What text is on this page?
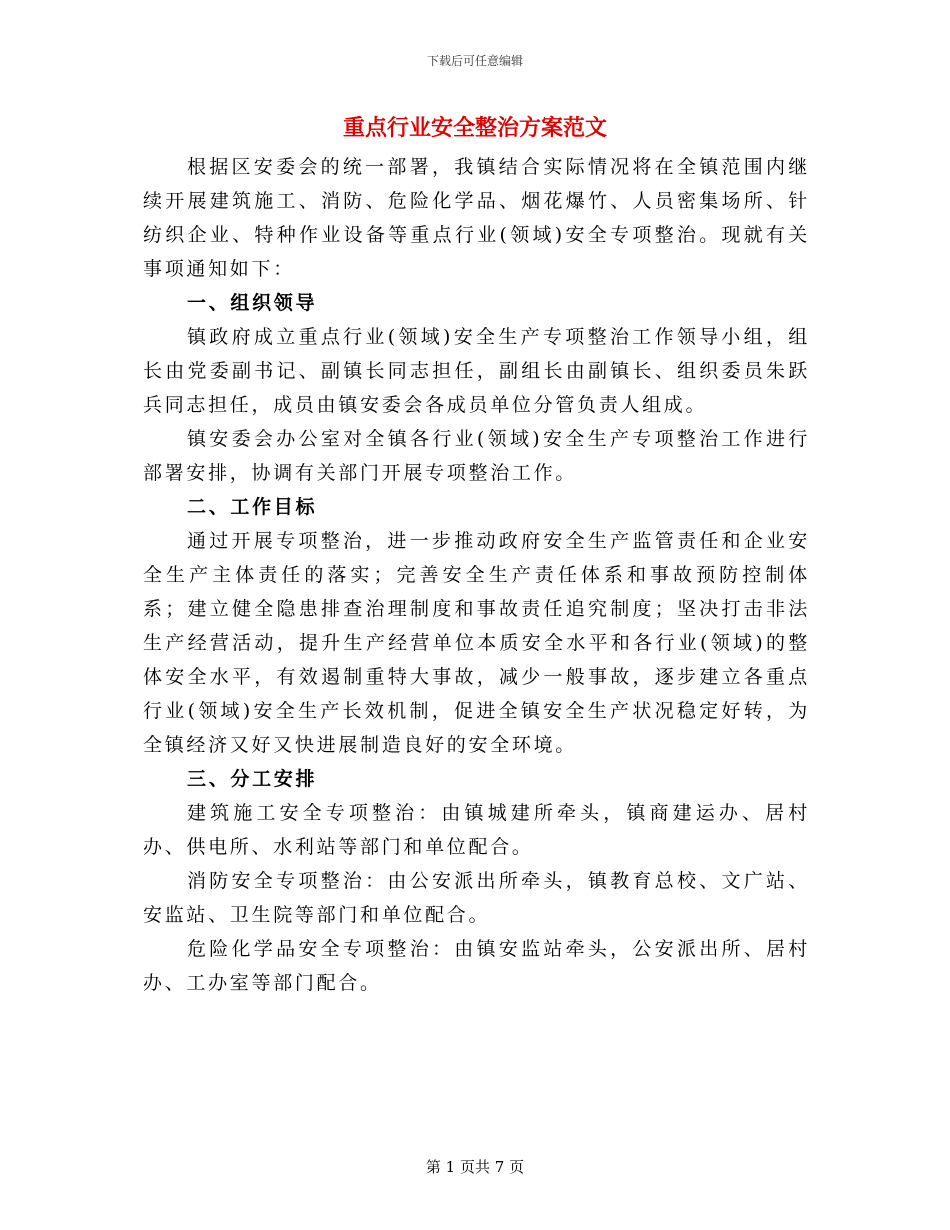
下载后可任意编辑
重点行业安全整治方案范文

根据区安委会的统一部署，我镇结合实际情况将在全镇范围内继续开展建筑施工、消防、危险化学品、烟花爆竹、人员密集场所、针纺织企业、特种作业设备等重点行业(领域)安全专项整治。现就有关事项通知如下：

一、组织领导

镇政府成立重点行业(领域)安全生产专项整治工作领导小组，组长由党委副书记、副镇长同志担任，副组长由副镇长、组织委员朱跃兵同志担任，成员由镇安委会各成员单位分管负责人组成。

镇安委会办公室对全镇各行业(领域)安全生产专项整治工作进行部署安排，协调有关部门开展专项整治工作。

二、工作目标

通过开展专项整治，进一步推动政府安全生产监管责任和企业安全生产主体责任的落实；完善安全生产责任体系和事故预防控制体系；建立健全隐患排查治理制度和事故责任追究制度；坚决打击非法生产经营活动，提升生产经营单位本质安全水平和各行业(领域)的整体安全水平，有效遏制重特大事故，减少一般事故，逐步建立各重点行业(领域)安全生产长效机制，促进全镇安全生产状况稳定好转，为全镇经济又好又快进展制造良好的安全环境。

三、分工安排

建筑施工安全专项整治：由镇城建所牵头，镇商建运办、居村办、供电所、水利站等部门和单位配合。

消防安全专项整治：由公安派出所牵头，镇教育总校、文广站、安监站、卫生院等部门和单位配合。

危险化学品安全专项整治：由镇安监站牵头，公安派出所、居村办、工办室等部门配合。

第 1 页共 7 页
